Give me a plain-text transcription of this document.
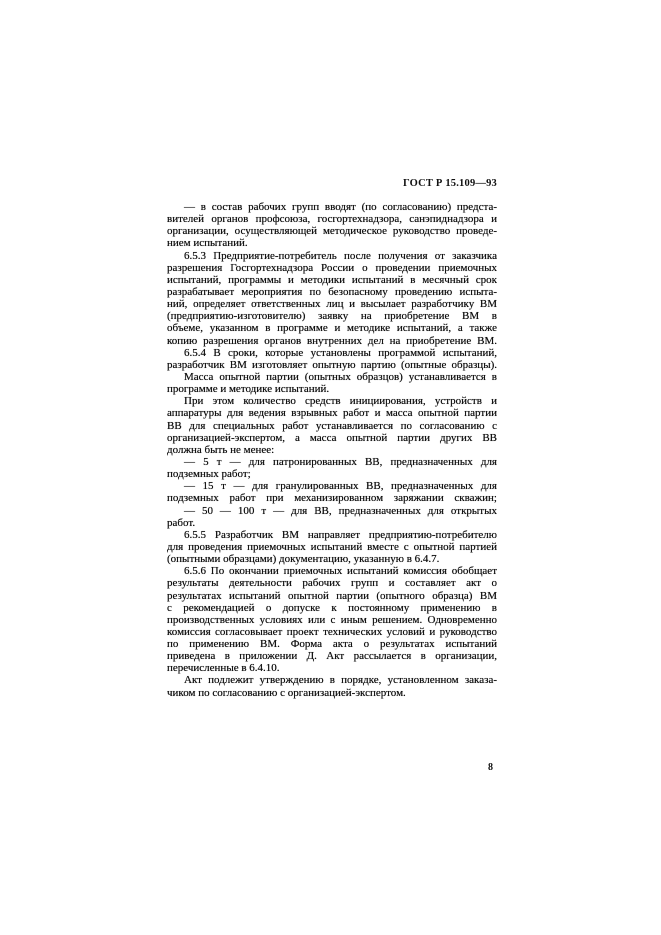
ГОСТ Р 15.109—93
— в состав рабочих групп вводят (по согласованию) предста-
вителей органов профсоюза, госгортехнадзора, санэпиднадзора и
организации, осуществляющей методическое руководство проведе-
нием испытаний.
6.5.3 Предприятие-потребитель после получения от заказчика
разрешения Госгортехнадзора России о проведении приемочных
испытаний, программы и методики испытаний в месячный срок
разрабатывает мероприятия по безопасному проведению испыта-
ний, определяет ответственных лиц и высылает разработчику ВМ
(предприятию-изготовителю) заявку на приобретение ВМ в
объеме, указанном в программе и методике испытаний, а также
копию разрешения органов внутренних дел на приобретение ВМ.
6.5.4 В сроки, которые установлены программой испытаний,
разработчик ВМ изготовляет опытную партию (опытные образцы).
Масса опытной партии (опытных образцов) устанавливается в
программе и методике испытаний.
При этом количество средств инициирования, устройств и
аппаратуры для ведения взрывных работ и масса опытной партии
ВВ для специальных работ устанавливается по согласованию с
организацией-экспертом, а масса опытной партии других ВВ
должна быть не менее:
— 5 т — для патронированных ВВ, предназначенных для
подземных работ;
— 15 т — для гранулированных ВВ, предназначенных для
подземных работ при механизированном заряжании скважин;
— 50 — 100 т — для ВВ, предназначенных для открытых
работ.
6.5.5 Разработчик ВМ направляет предприятию-потребителю
для проведения приемочных испытаний вместе с опытной партией
(опытными образцами) документацию, указанную в 6.4.7.
6.5.6 По окончании приемочных испытаний комиссия обобщает
результаты деятельности рабочих групп и составляет акт о
результатах испытаний опытной партии (опытного образца) ВМ
с рекомендацией о допуске к постоянному применению в
производственных условиях или с иным решением. Одновременно
комиссия согласовывает проект технических условий и руководство
по применению ВМ. Форма акта о результатах испытаний
приведена в приложении Д. Акт рассылается в организации,
перечисленные в 6.4.10.
Акт подлежит утверждению в порядке, установленном заказа-
чиком по согласованию с организацией-экспертом.
8
